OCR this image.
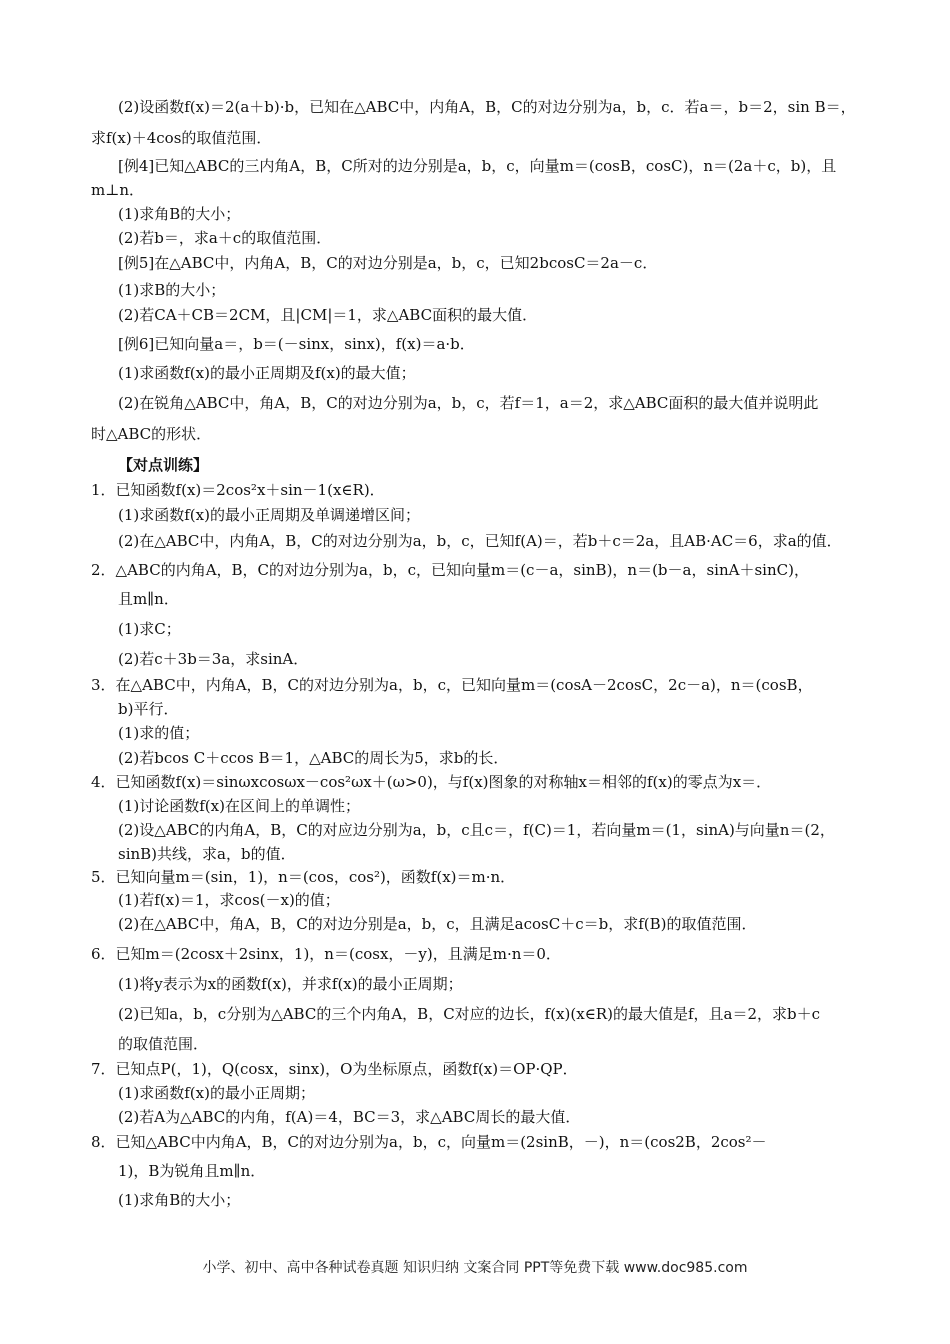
(2)设函数f(x)＝2(a＋b)·b，已知在△ABC中，内角A，B，C的对边分别为a，b，c．若a＝，b＝2，sin B＝，
求f(x)＋4cos的取值范围．
[例4]已知△ABC的三内角A，B，C所对的边分别是a，b，c，向量m＝(cosB，cosC)，n＝(2a＋c，b)，且
m⊥n．
(1)求角B的大小；
(2)若b＝，求a＋c的取值范围．
[例5]在△ABC中，内角A，B，C的对边分别是a，b，c，已知2bcosC＝2a－c．
(1)求B的大小；
(2)若CA＋CB＝2CM，且|CM|＝1，求△ABC面积的最大值．
[例6]已知向量a＝，b＝(－sinx，sinx)，f(x)＝a·b．
(1)求函数f(x)的最小正周期及f(x)的最大值；
(2)在锐角△ABC中，角A，B，C的对边分别为a，b，c，若f＝1，a＝2，求△ABC面积的最大值并说明此
时△ABC的形状．
【对点训练】
1．已知函数f(x)＝2cos²x＋sin－1(x∈R)．
(1)求函数f(x)的最小正周期及单调递增区间；
(2)在△ABC中，内角A，B，C的对边分别为a，b，c，已知f(A)＝，若b＋c＝2a，且AB·AC＝6，求a的值．
2．△ABC的内角A，B，C的对边分别为a，b，c，已知向量m＝(c－a，sinB)，n＝(b－a，sinA＋sinC)，
且m∥n．
(1)求C；
(2)若c＋3b＝3a，求sinA．
3．在△ABC中，内角A，B，C的对边分别为a，b，c，已知向量m＝(cosA－2cosC，2c－a)，n＝(cosB，
b)平行．
(1)求的值；
(2)若bcos C＋ccos B＝1，△ABC的周长为5，求b的长．
4．已知函数f(x)＝sinωxcosωx－cos²ωx＋(ω>0)，与f(x)图象的对称轴x＝相邻的f(x)的零点为x＝．
(1)讨论函数f(x)在区间上的单调性；
(2)设△ABC的内角A，B，C的对应边分别为a，b，c且c＝，f(C)＝1，若向量m＝(1，sinA)与向量n＝(2，
sinB)共线，求a，b的值．
5．已知向量m＝(sin，1)，n＝(cos，cos²)，函数f(x)＝m·n．
(1)若f(x)＝1，求cos(－x)的值；
(2)在△ABC中，角A，B，C的对边分别是a，b，c，且满足acosC＋c＝b，求f(B)的取值范围．
6．已知m＝(2cosx＋2sinx，1)，n＝(cosx，－y)，且满足m·n＝0．
(1)将y表示为x的函数f(x)，并求f(x)的最小正周期；
(2)已知a，b，c分别为△ABC的三个内角A，B，C对应的边长，f(x)(x∈R)的最大值是f，且a＝2，求b＋c
的取值范围．
7．已知点P(，1)，Q(cosx，sinx)，O为坐标原点，函数f(x)＝OP·QP．
(1)求函数f(x)的最小正周期；
(2)若A为△ABC的内角，f(A)＝4，BC＝3，求△ABC周长的最大值．
8．已知△ABC中内角A，B，C的对边分别为a，b，c，向量m＝(2sinB，－)，n＝(cos2B，2cos²－
1)，B为锐角且m∥n．
(1)求角B的大小；
小学、初中、高中各种试卷真题 知识归纳 文案合同 PPT等免费下载 www.doc985.com
